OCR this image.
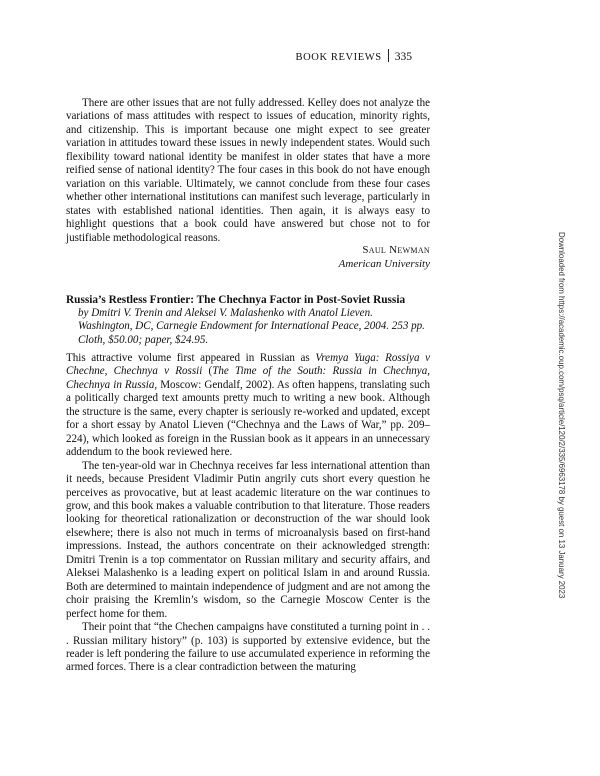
BOOK REVIEWS 335

There are other issues that are not fully addressed. Kelley does not analyze the variations of mass attitudes with respect to issues of education, minority rights, and citizenship. This is important because one might expect to see greater variation in attitudes toward these issues in newly independent states. Would such flexibility toward national identity be manifest in older states that have a more reified sense of national identity? The four cases in this book do not have enough variation on this variable. Ultimately, we cannot conclude from these four cases whether other international institutions can manifest such leverage, particularly in states with established national identities. Then again, it is always easy to highlight questions that a book could have answered but chose not to for justifiable methodological reasons.

Saul Newman
American University
Russia’s Restless Frontier: The Chechnya Factor in Post-Soviet Russia
by Dmitri V. Trenin and Aleksei V. Malashenko with Anatol Lieven. Washington, DC, Carnegie Endowment for International Peace, 2004. 253 pp. Cloth, $50.00; paper, $24.95.

This attractive volume first appeared in Russian as Vremya Yuga: Rossiya v Chechne, Chechnya v Rossii (The Time of the South: Russia in Chechnya, Chechnya in Russia, Moscow: Gendalf, 2002). As often happens, translating such a politically charged text amounts pretty much to writing a new book. Although the structure is the same, every chapter is seriously re-worked and updated, except for a short essay by Anatol Lieven (“Chechnya and the Laws of War,” pp. 209–224), which looked as foreign in the Russian book as it appears in an unnecessary addendum to the book reviewed here.

The ten-year-old war in Chechnya receives far less international attention than it needs, because President Vladimir Putin angrily cuts short every question he perceives as provocative, but at least academic literature on the war continues to grow, and this book makes a valuable contribution to that literature. Those readers looking for theoretical rationalization or deconstruction of the war should look elsewhere; there is also not much in terms of microanalysis based on first-hand impressions. Instead, the authors concentrate on their acknowledged strength: Dmitri Trenin is a top commentator on Russian military and security affairs, and Aleksei Malashenko is a leading expert on political Islam in and around Russia. Both are determined to maintain independence of judgment and are not among the choir praising the Kremlin’s wisdom, so the Carnegie Moscow Center is the perfect home for them.

Their point that “the Chechen campaigns have constituted a turning point in . . . Russian military history” (p. 103) is supported by extensive evidence, but the reader is left pondering the failure to use accumulated experience in reforming the armed forces. There is a clear contradiction between the maturing

Downloaded from https://academic.oup.com/psq/article/120/2/335/6963178 by guest on 13 January 2023
